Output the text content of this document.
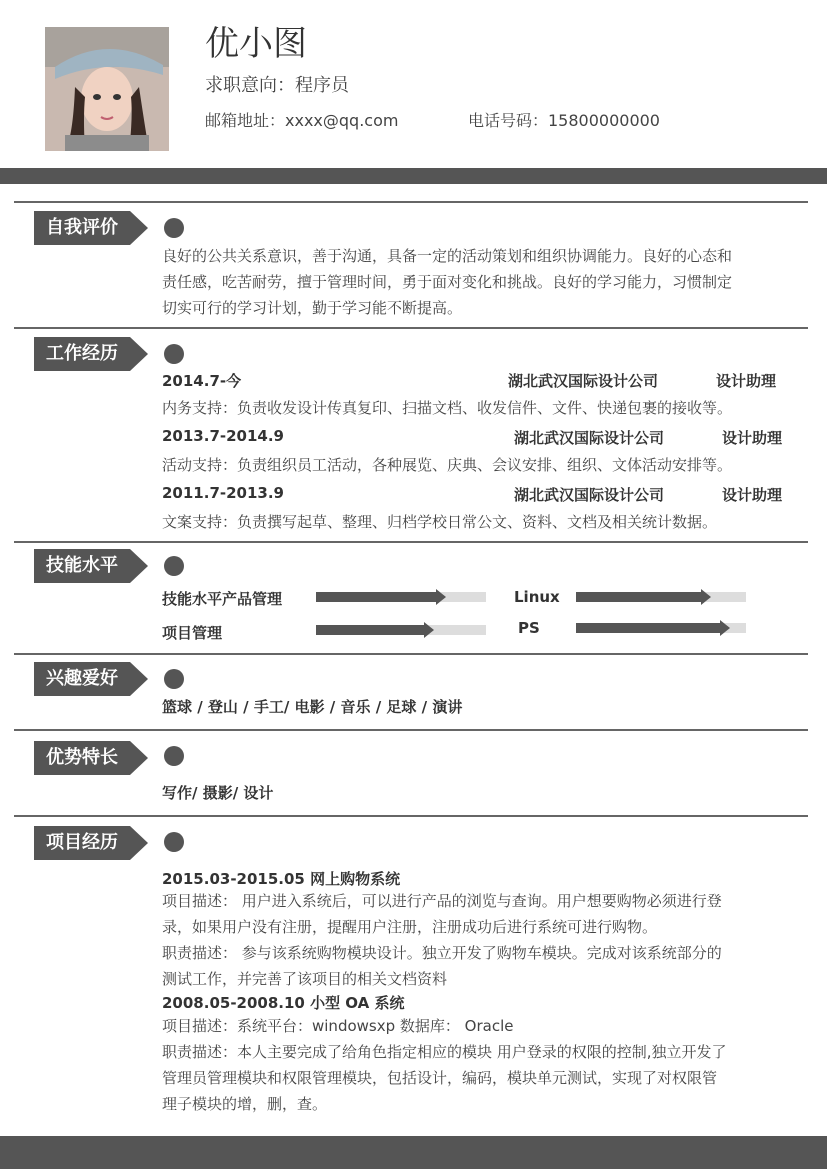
优小图
求职意向：程序员
邮箱地址：xxxx@qq.com	电话号码：15800000000
自我评价
良好的公共关系意识，善于沟通，具备一定的活动策划和组织协调能力。良好的心态和
责任感，吃苦耐劳，擅于管理时间，勇于面对变化和挑战。良好的学习能力，习惯制定
切实可行的学习计划，勤于学习能不断提高。
工作经历
2014.7-今	湖北武汉国际设计公司	设计助理
内务支持：负责收发设计传真复印、扫描文档、收发信件、文件、快递包裹的接收等。
2013.7-2014.9	湖北武汉国际设计公司	设计助理
活动支持：负责组织员工活动，各种展览、庆典、会议安排、组织、文体活动安排等。
2011.7-2013.9	湖北武汉国际设计公司	设计助理
文案支持：负责撰写起草、整理、归档学校日常公文、资料、文档及相关统计数据。
技能水平
技能水平产品管理	Linux
项目管理	PS
兴趣爱好
篮球 / 登山 / 手工/ 电影 / 音乐 / 足球 / 演讲
优势特长
写作/ 摄影/ 设计
项目经历
2015.03-2015.05 网上购物系统
项目描述： 用户进入系统后，可以进行产品的浏览与查询。用户想要购物必须进行登
录，如果用户没有注册，提醒用户注册，注册成功后进行系统可进行购物。
职责描述： 参与该系统购物模块设计。独立开发了购物车模块。完成对该系统部分的
测试工作，并完善了该项目的相关文档资料
2008.05-2008.10 小型 OA 系统
项目描述：系统平台：windowsxp 数据库： Oracle
职责描述：本人主要完成了给角色指定相应的模块 用户登录的权限的控制,独立开发了
管理员管理模块和权限管理模块，包括设计，编码，模块单元测试，实现了对权限管
理子模块的增，删，查。
